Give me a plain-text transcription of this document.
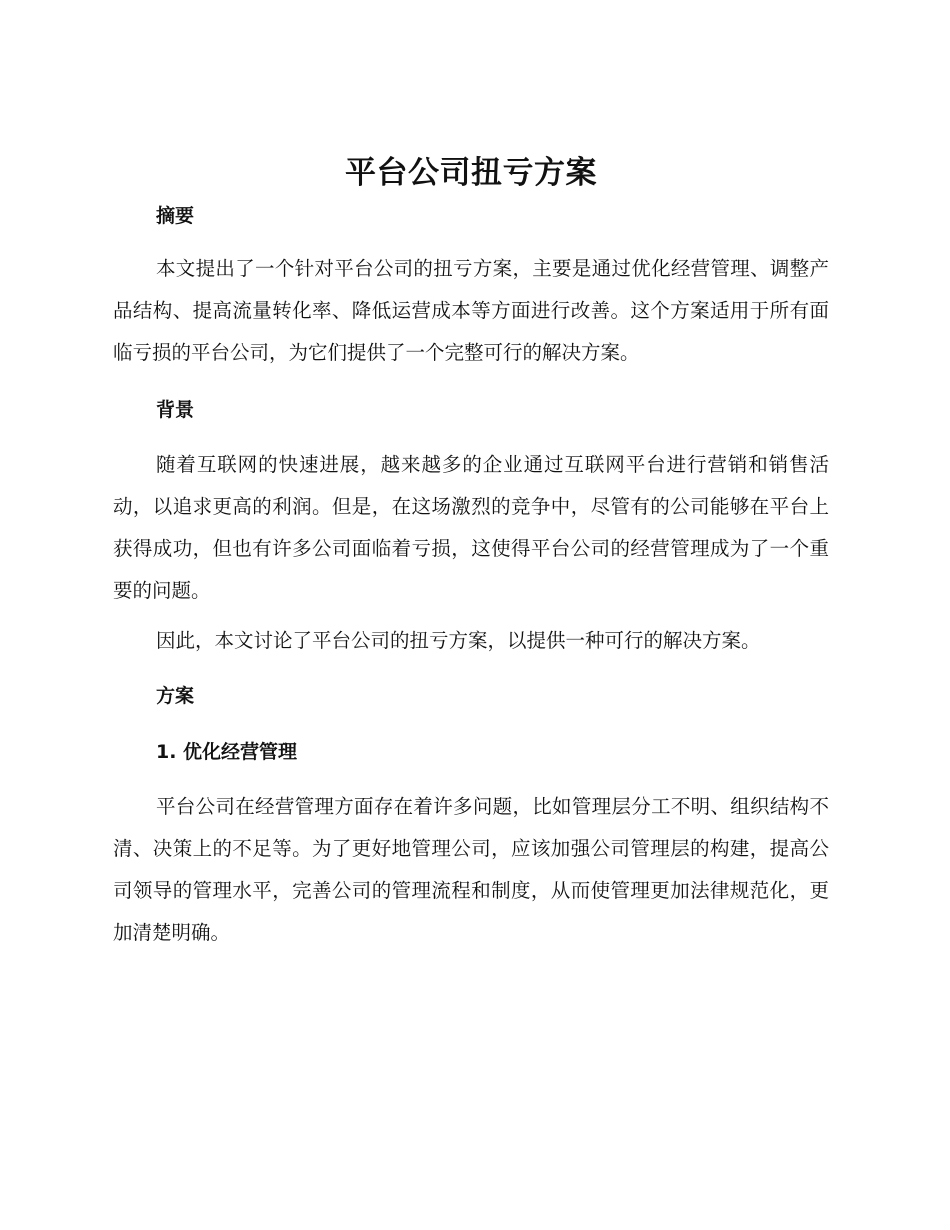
平台公司扭亏方案
摘要

本文提出了一个针对平台公司的扭亏方案，主要是通过优化经营管理、调整产品结构、提高流量转化率、降低运营成本等方面进行改善。这个方案适用于所有面临亏损的平台公司，为它们提供了一个完整可行的解决方案。

背景

随着互联网的快速进展，越来越多的企业通过互联网平台进行营销和销售活动，以追求更高的利润。但是，在这场激烈的竞争中，尽管有的公司能够在平台上获得成功，但也有许多公司面临着亏损，这使得平台公司的经营管理成为了一个重要的问题。

因此，本文讨论了平台公司的扭亏方案，以提供一种可行的解决方案。

方案
1. 优化经营管理

平台公司在经营管理方面存在着许多问题，比如管理层分工不明、组织结构不清、决策上的不足等。为了更好地管理公司，应该加强公司管理层的构建，提高公司领导的管理水平，完善公司的管理流程和制度，从而使管理更加法律规范化，更加清楚明确。
